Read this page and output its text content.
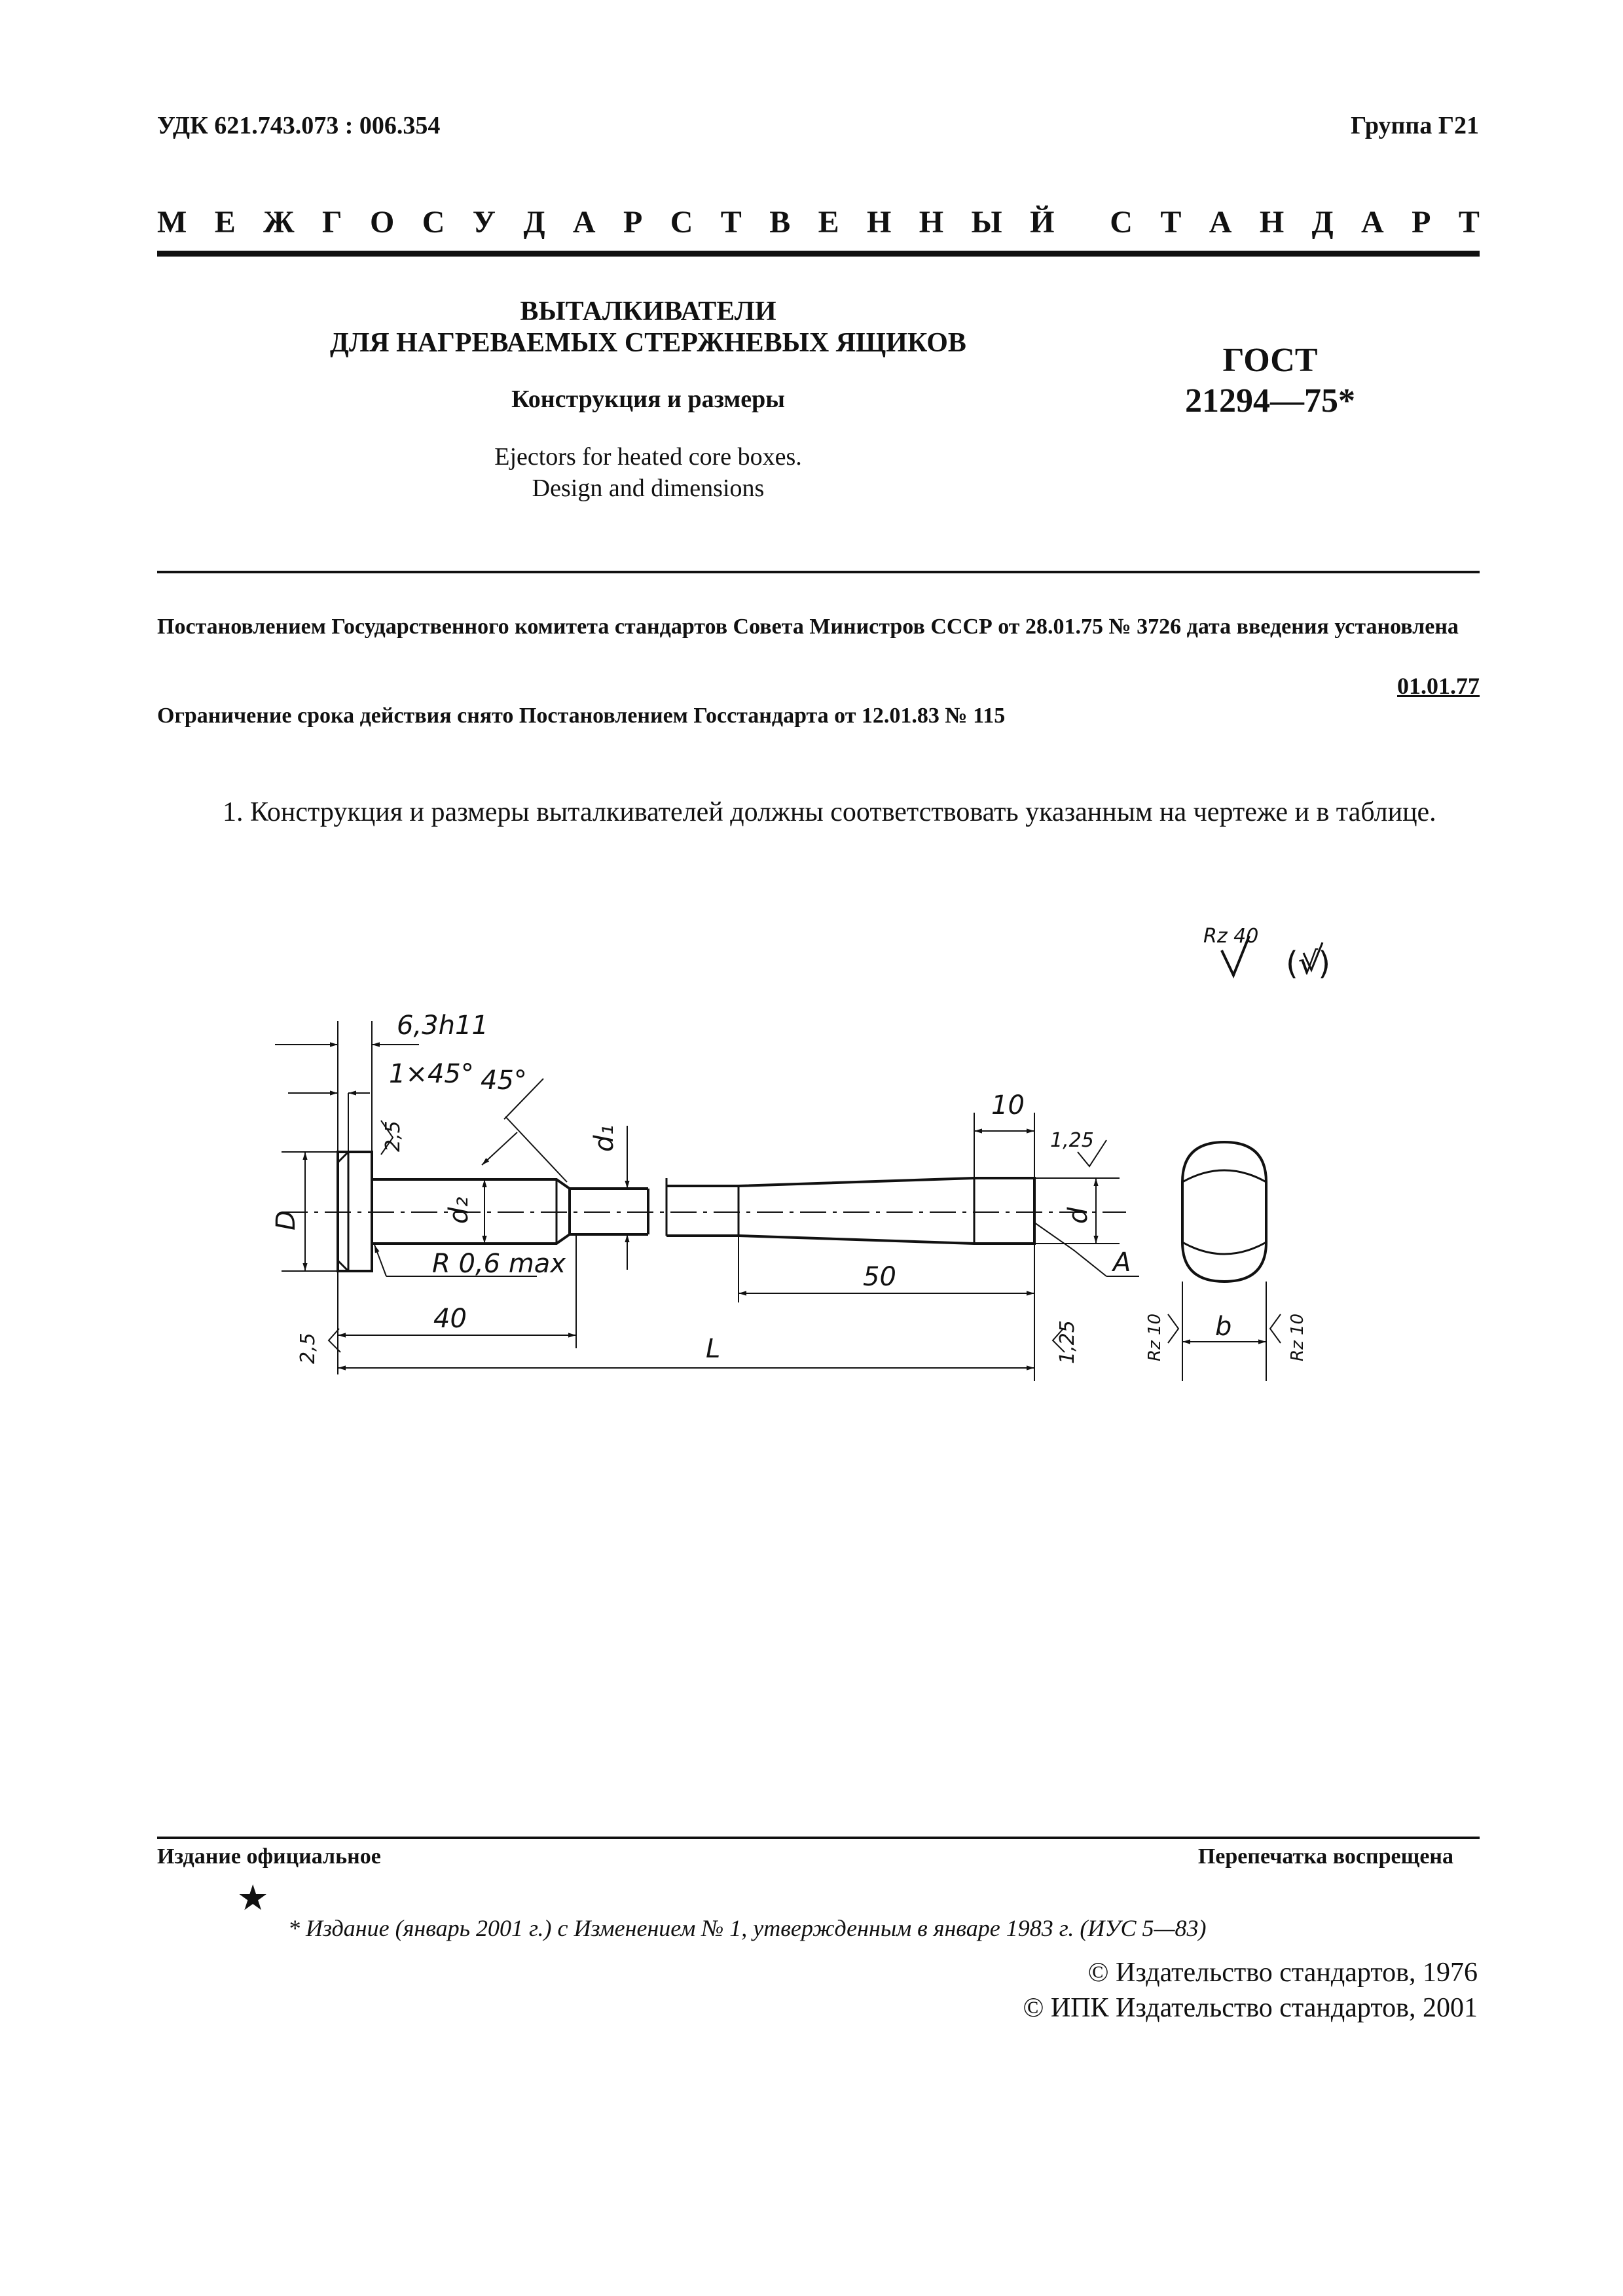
УДК 621.743.073 : 006.354	Группа Г21
М Е Ж Г О С У Д А Р С Т В Е Н Н Ы Й С Т А Н Д А Р Т
ВЫТАЛКИВАТЕЛИ
ДЛЯ НАГРЕВАЕМЫХ СТЕРЖНЕВЫХ ЯЩИКОВ
Конструкция и размеры
Ejectors for heated core boxes.
Design and dimensions
ГОСТ
21294—75*
Постановлением Государственного комитета стандартов Совета Министров СССР от 28.01.75 № 3726 дата введения установлена
01.01.77
Ограничение срока действия снято Постановлением Госстандарта от 12.01.83 № 115
1. Конструкция и размеры выталкивателей должны соответствовать указанным на чертеже и в таблице.
Rz 40
(√)
6,3h11
1×45° 45°
2,5
D	d₂
d₁
R 0,6 max
40
50
10
1,25
d
A
L
2,5	1,25	b
Rz 10	Rz 10
Издание официальное	Перепечатка воспрещена
★
* Издание (январь 2001 г.) с Изменением № 1, утвержденным в январе 1983 г. (ИУС 5—83)
© Издательство стандартов, 1976
© ИПК Издательство стандартов, 2001
